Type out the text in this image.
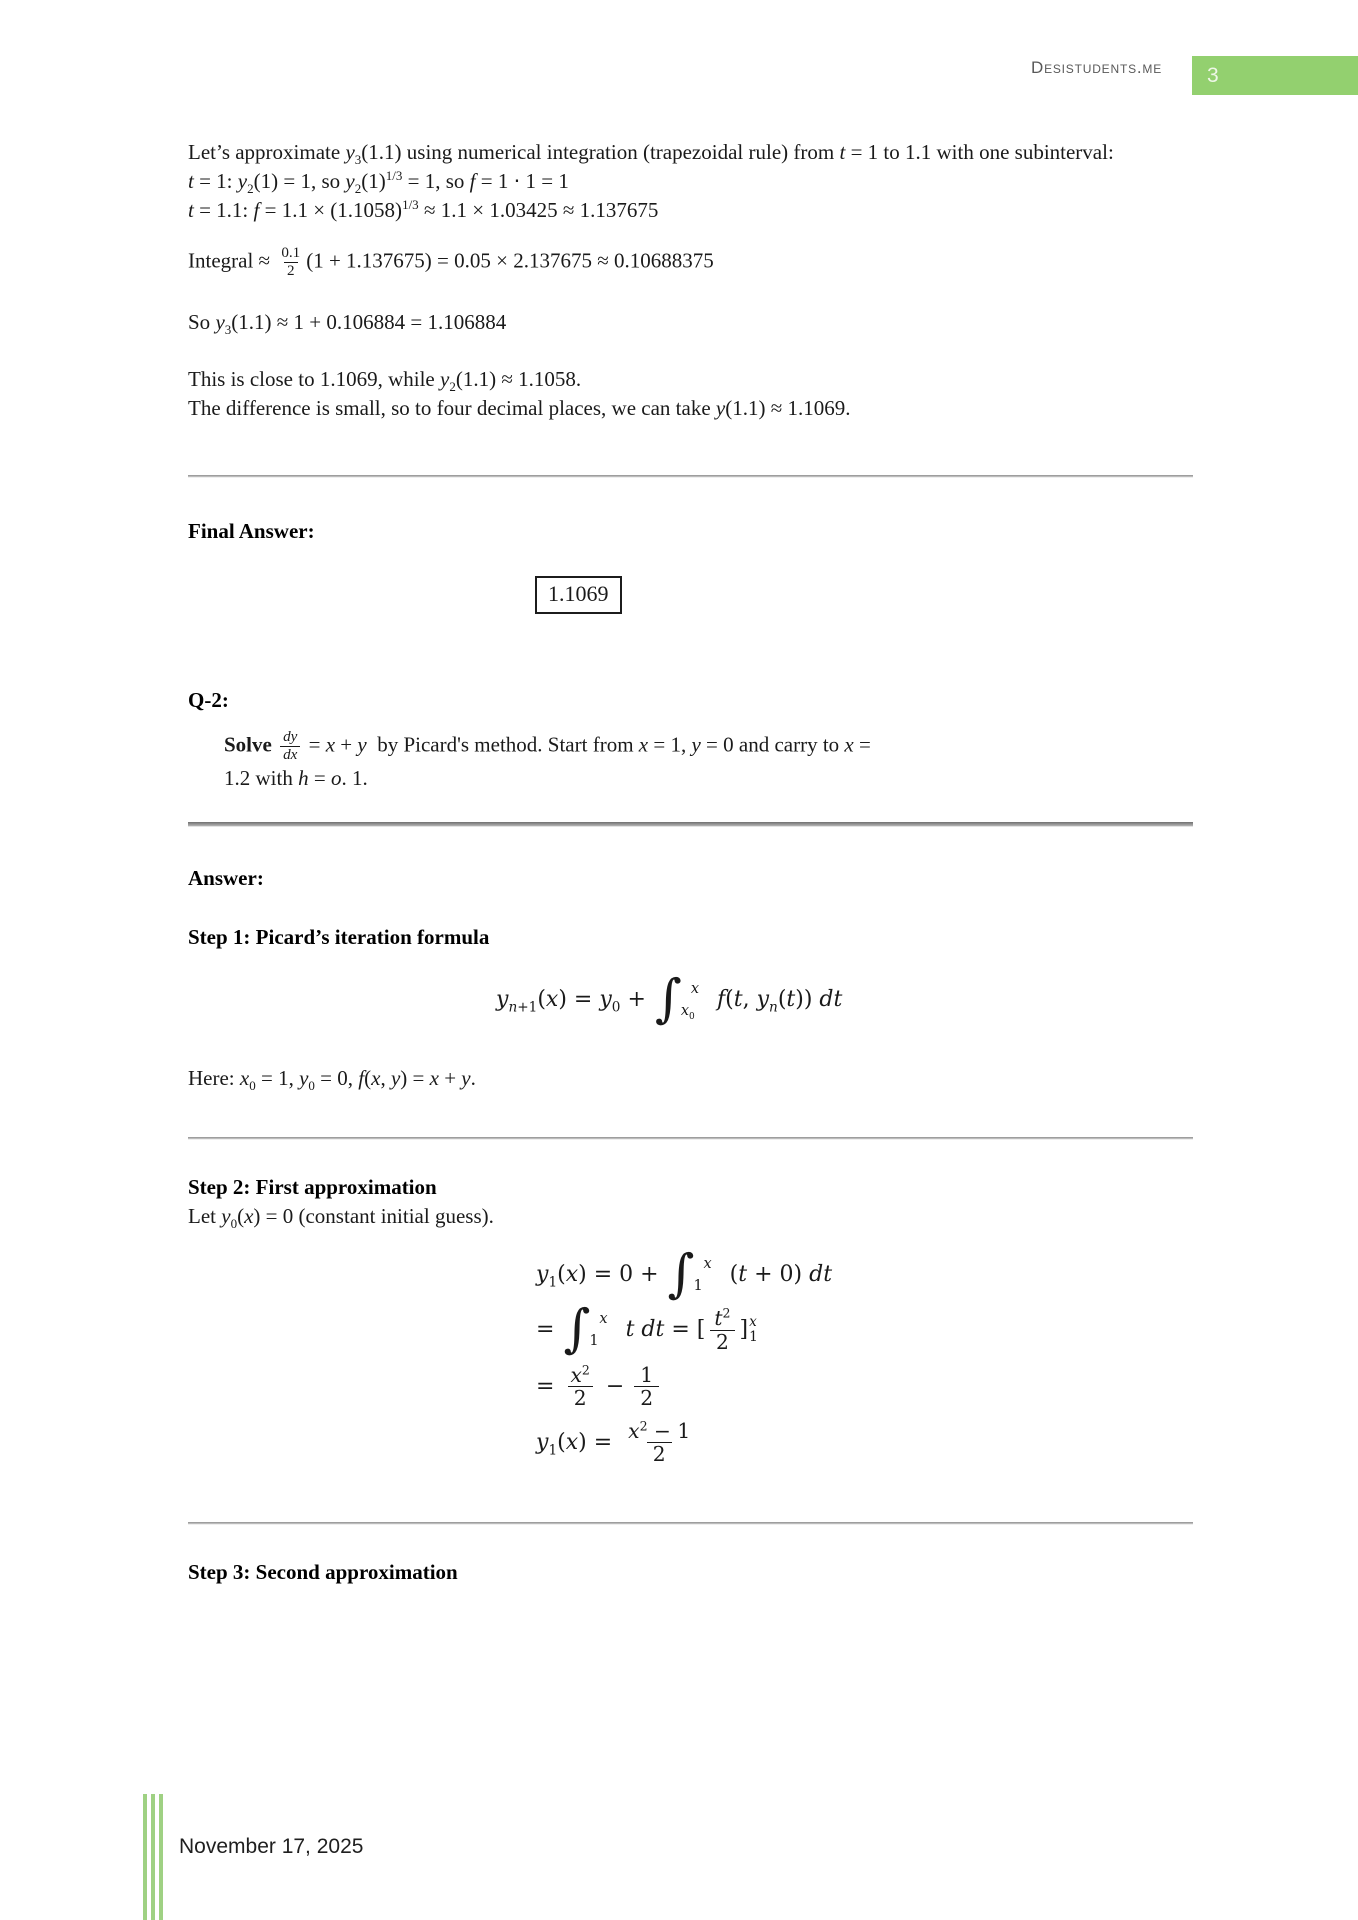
Desistudents.me 3
Let’s approximate $y_3(1.1)$ using numerical integration (trapezoidal rule) from t = 1 to 1.1 with one subinterval:
t = 1: $y_2(1) = 1$, so $y_2(1)^{1/3} = 1$, so f = 1 ⋅ 1 = 1
t = 1.1: $f = 1.1 \times (1.1058)^{1/3} \approx 1.1 \times 1.03425 \approx 1.137675$
Integral ≈ $\frac{0.1}{2} (1 + 1.137675) = 0.05 \times 2.137675 \approx 0.10688375$
So $y_3(1.1) \approx 1 + 0.106884 = 1.106884$
This is close to 1.1069, while $y_2(1.1) \approx 1.1058$.
The difference is small, so to four decimal places, we can take y(1.1) ≈ 1.1069.
Final Answer:
1.1069
Q-2:
Solve $\frac{dy}{dx} = x + y$  by Picard's method. Start from x = 1, y = 0 and carry to x =
1.2 with h = o. 1.
Answer:
Step 1: Picard’s iteration formula
$y_{n+1}(x) = y_0$ + ∫ x
$x_0$
f(t, $y_n(t)$) dt
Here: $x_0 = 1$, $y_0 = 0$, f(x, y) = x + y.
Step 2: First approximation
Let $y_0(x) = 0$ (constant initial guess).
$y_1(x) = 0$ + ∫ x
1	(t + 0) dt
= ∫ x
1	t dt = [ $\frac{t^2}{2}$ ] x
1
= $\frac{x^2}{2} - \frac{1}{2}$
$y_1(x) = \frac{x^2 - 1}{2}$
Step 3: Second approximation
November 17, 2025
